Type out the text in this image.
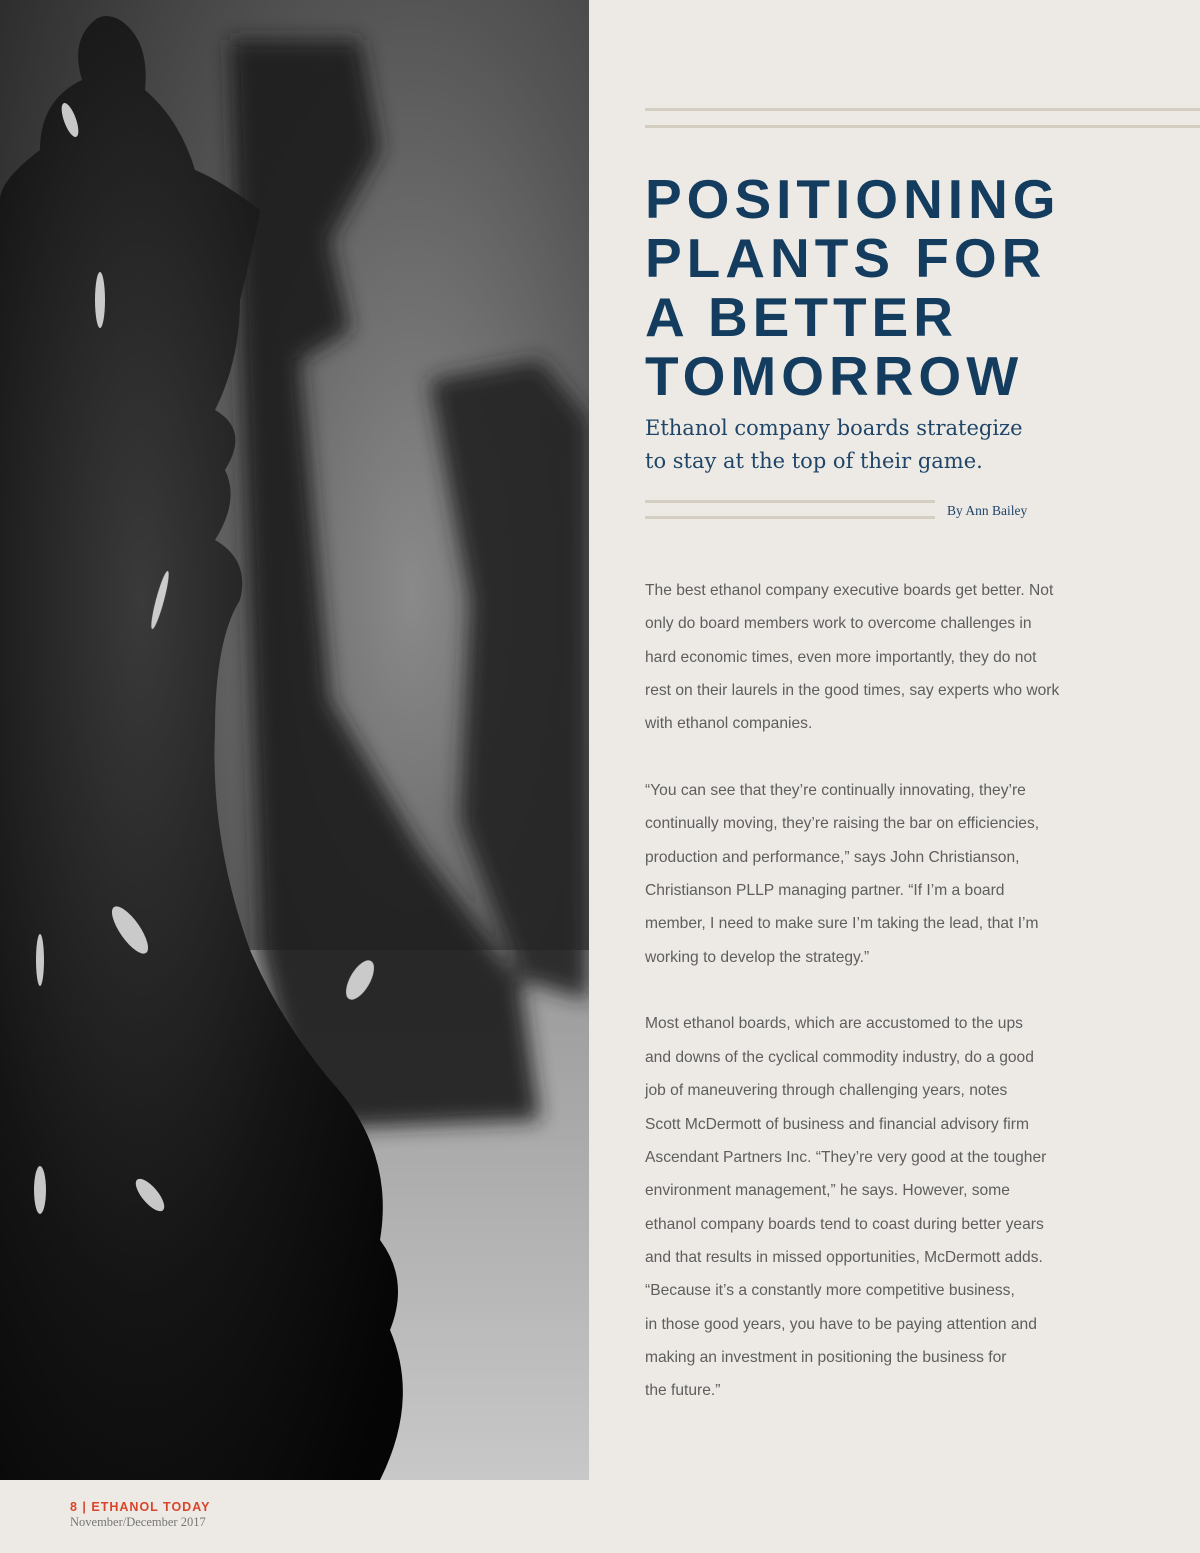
POSITIONING
PLANTS FOR
A BETTER
TOMORROW
Ethanol company boards strategize
to stay at the top of their game.
By Ann Bailey
The best ethanol company executive boards get better. Not
only do board members work to overcome challenges in
hard economic times, even more importantly, they do not
rest on their laurels in the good times, say experts who work
with ethanol companies.
“You can see that they’re continually innovating, they’re
continually moving, they’re raising the bar on efficiencies,
production and performance,” says John Christianson,
Christianson PLLP managing partner. “If I’m a board
member, I need to make sure I’m taking the lead, that I’m
working to develop the strategy.”
Most ethanol boards, which are accustomed to the ups
and downs of the cyclical commodity industry, do a good
job of maneuvering through challenging years, notes
Scott McDermott of business and financial advisory firm
Ascendant Partners Inc. “They’re very good at the tougher
environment management,” he says. However, some
ethanol company boards tend to coast during better years
and that results in missed opportunities, McDermott adds.
“Because it’s a constantly more competitive business,
in those good years, you have to be paying attention and
making an investment in positioning the business for
the future.”
8 | ETHANOL TODAY
November/December 2017
